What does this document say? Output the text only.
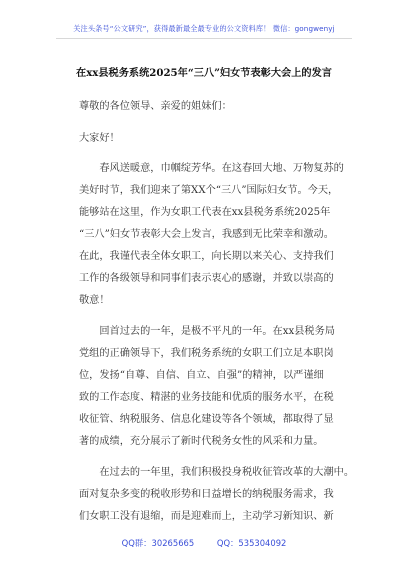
关注头条号“公文研究”，获得最新最全最专业的公文资料库！ 微信：gongwenyj
在xx县税务系统2025年“三八”妇女节表彰大会上的发言
尊敬的各位领导、亲爱的姐妹们：
大家好！
　　春风送暖意，巾帼绽芳华。在这春回大地、万物复苏的
美好时节，我们迎来了第XX个“三八”国际妇女节。今天，
能够站在这里，作为女职工代表在xx县税务系统2025年
“三八”妇女节表彰大会上发言，我感到无比荣幸和激动。
在此，我谨代表全体女职工，向长期以来关心、支持我们
工作的各级领导和同事们表示衷心的感谢，并致以崇高的
敬意！
　　回首过去的一年，是极不平凡的一年。在xx县税务局
党组的正确领导下，我们税务系统的女职工们立足本职岗
位，发扬“自尊、自信、自立、自强”的精神，以严谨细
致的工作态度、精湛的业务技能和优质的服务水平，在税
收征管、纳税服务、信息化建设等各个领域，都取得了显
著的成绩，充分展示了新时代税务女性的风采和力量。
　　在过去的一年里，我们积极投身税收征管改革的大潮中。
面对复杂多变的税收形势和日益增长的纳税服务需求，我
们女职工没有退缩，而是迎难而上，主动学习新知识、新
QQ群：30265665	QQ：535304092
